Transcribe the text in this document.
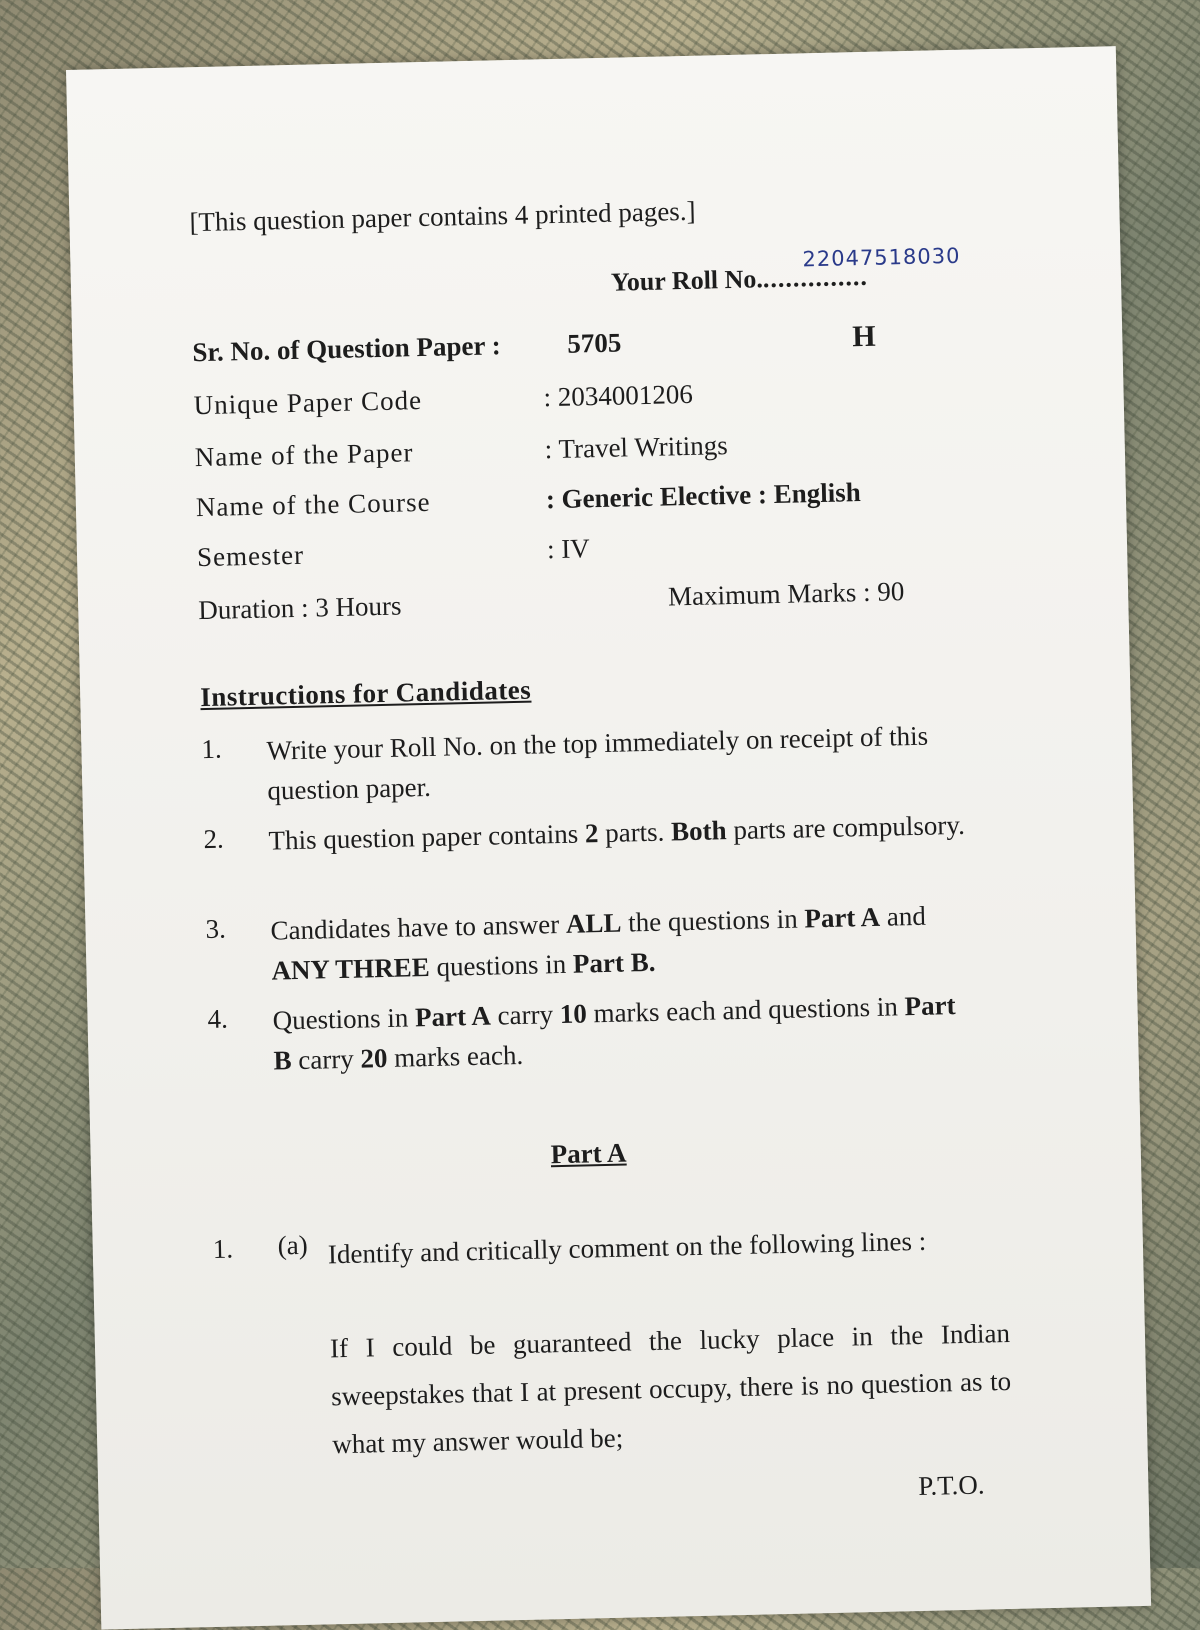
[This question paper contains 4 printed pages.]
Your Roll No...............
22047518030
H
Sr. No. of Question Paper : 5705
Unique Paper Code	: 2034001206
Name of the Paper	: Travel Writings
Name of the Course	: Generic Elective : English
Semester	: IV
Duration : 3 Hours	Maximum Marks : 90
Instructions for Candidates
1. Write your Roll No. on the top immediately on receipt of this question paper.
2. This question paper contains 2 parts. Both parts are compulsory.
3. Candidates have to answer ALL the questions in Part A and ANY THREE questions in Part B.
4. Questions in Part A carry 10 marks each and questions in Part B carry 20 marks each.
Part A
1. (a) Identify and critically comment on the following lines :
If I could be guaranteed the lucky place in the Indian sweepstakes that I at present occupy, there is no question as to what my answer would be;
P.T.O.
